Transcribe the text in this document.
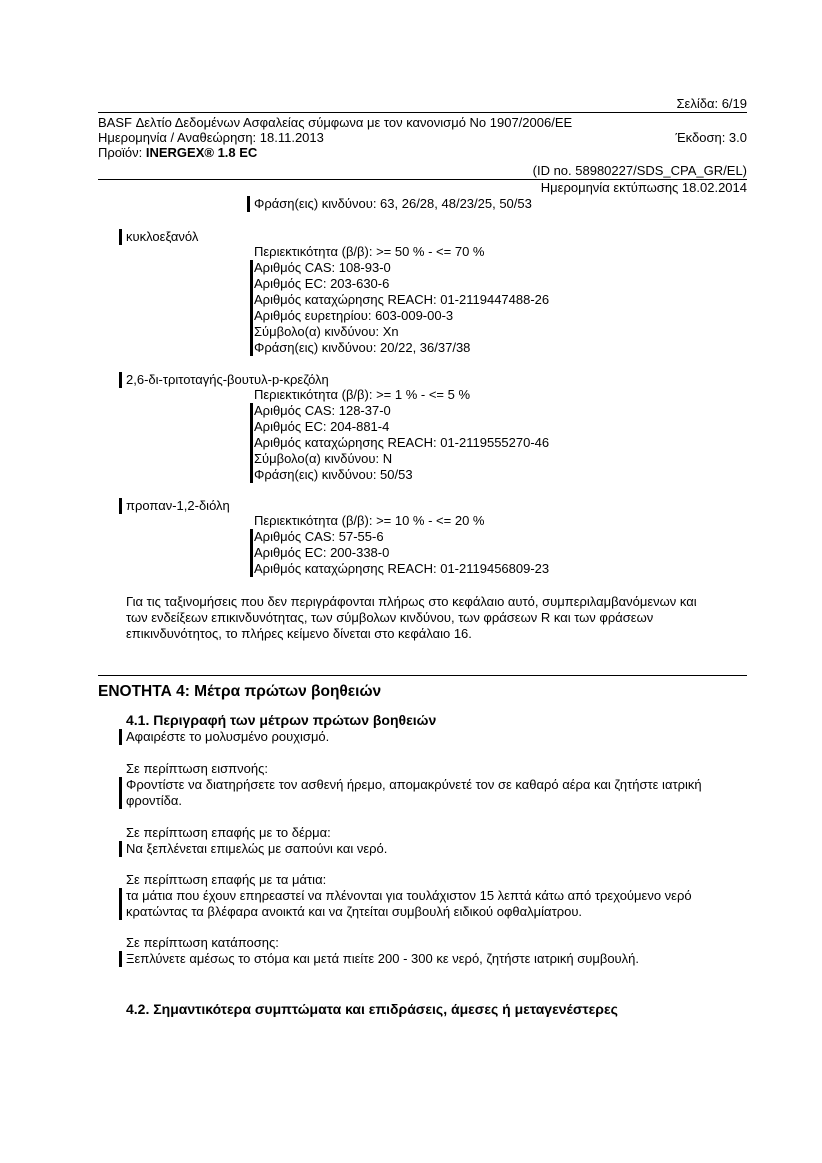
Σελίδα: 6/19
BASF Δελτίο Δεδομένων Ασφαλείας σύμφωνα με τον κανονισμό Νο 1907/2006/ΕΕ
Ημερομηνία / Αναθεώρηση: 18.11.2013	Έκδοση: 3.0
Προϊόν: INERGEX® 1.8 EC
(ID no. 58980227/SDS_CPA_GR/EL)
Ημερομηνία εκτύπωσης 18.02.2014
Φράση(εις) κινδύνου: 63, 26/28, 48/23/25, 50/53
κυκλοεξανόλ
Περιεκτικότητα (β/β): >= 50 % - <= 70 %
Αριθμός CAS: 108-93-0
Αριθμός EC: 203-630-6
Αριθμός καταχώρησης REACH: 01-2119447488-26
Αριθμός ευρετηρίου: 603-009-00-3
Σύμβολο(α) κινδύνου: Xn
Φράση(εις) κινδύνου: 20/22, 36/37/38
2,6-δι-τριτοταγής-βουτυλ-p-κρεζόλη
Περιεκτικότητα (β/β): >= 1 % - <= 5 %
Αριθμός CAS: 128-37-0
Αριθμός EC: 204-881-4
Αριθμός καταχώρησης REACH: 01-2119555270-46
Σύμβολο(α) κινδύνου: N
Φράση(εις) κινδύνου: 50/53
προπαν-1,2-διόλη
Περιεκτικότητα (β/β): >= 10 % - <= 20 %
Αριθμός CAS: 57-55-6
Αριθμός EC: 200-338-0
Αριθμός καταχώρησης REACH: 01-2119456809-23
Για τις ταξινομήσεις που δεν περιγράφονται πλήρως στο κεφάλαιο αυτό, συμπεριλαμβανόμενων και
των ενδείξεων επικινδυνότητας, των σύμβολων κινδύνου, των φράσεων R και των φράσεων
επικινδυνότητος, το πλήρες κείμενο δίνεται στο κεφάλαιο 16.
ΕΝΟΤΗΤΑ 4: Μέτρα πρώτων βοηθειών
4.1. Περιγραφή των μέτρων πρώτων βοηθειών
Αφαιρέστε το μολυσμένο ρουχισμό.
Σε περίπτωση εισπνοής:
Φροντίστε να διατηρήσετε τον ασθενή ήρεμο, απομακρύνετέ τον σε καθαρό αέρα και ζητήστε ιατρική
φροντίδα.
Σε περίπτωση επαφής με το δέρμα:
Να ξεπλένεται επιμελώς με σαπούνι και νερό.
Σε περίπτωση επαφής με τα μάτια:
τα μάτια που έχουν επηρεαστεί να πλένονται για τουλάχιστον 15 λεπτά κάτω από τρεχούμενο νερό
κρατώντας τα βλέφαρα ανοικτά και να ζητείται συμβουλή ειδικού οφθαλμίατρου.
Σε περίπτωση κατάποσης:
Ξεπλύνετε αμέσως το στόμα και μετά πιείτε 200 - 300 κε νερό, ζητήστε ιατρική συμβουλή.
4.2. Σημαντικότερα συμπτώματα και επιδράσεις, άμεσες ή μεταγενέστερες
